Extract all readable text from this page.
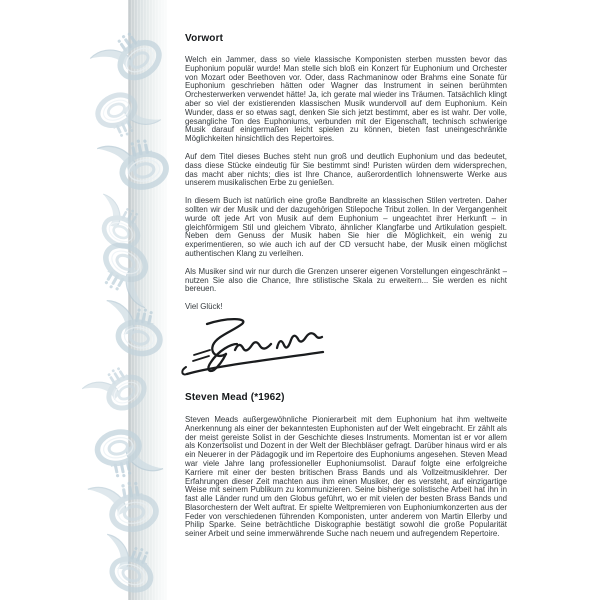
Vorwort

Welch ein Jammer, dass so viele klassische Komponisten sterben mussten bevor das Euphonium populär wurde! Man stelle sich bloß ein Konzert für Euphonium und Orchester von Mozart oder Beethoven vor. Oder, dass Rachmaninow oder Brahms eine Sonate für Euphonium geschrieben hätten oder Wagner das Instrument in seinen berühmten Orchesterwerken verwendet hätte! Ja, ich gerate mal wieder ins Träumen. Tatsächlich klingt aber so viel der existierenden klassischen Musik wundervoll auf dem Euphonium. Kein Wunder, dass er so etwas sagt, denken Sie sich jetzt bestimmt, aber es ist wahr. Der volle, gesangliche Ton des Euphoniums, verbunden mit der Eigenschaft, technisch schwierige Musik darauf einigermaßen leicht spielen zu können, bieten fast uneingeschränkte Möglichkeiten hinsichtlich des Repertoires.

Auf dem Titel dieses Buches steht nun groß und deutlich Euphonium und das bedeutet, dass diese Stücke eindeutig für Sie bestimmt sind! Puristen würden dem widersprechen, das macht aber nichts; dies ist Ihre Chance, außerordentlich lohnenswerte Werke aus unserem musikalischen Erbe zu genießen.

In diesem Buch ist natürlich eine große Bandbreite an klassischen Stilen vertreten. Daher sollten wir der Musik und der dazugehörigen Stilepoche Tribut zollen. In der Vergangenheit wurde oft jede Art von Musik auf dem Euphonium – ungeachtet ihrer Herkunft – in gleichförmigem Stil und gleichem Vibrato, ähnlicher Klangfarbe und Artikulation gespielt. Neben dem Genuss der Musik haben Sie hier die Möglichkeit, ein wenig zu experimentieren, so wie auch ich auf der CD versucht habe, der Musik einen möglichst authentischen Klang zu verleihen.

Als Musiker sind wir nur durch die Grenzen unserer eigenen Vorstellungen eingeschränkt – nutzen Sie also die Chance, Ihre stilistische Skala zu erweitern... Sie werden es nicht bereuen.

Viel Glück!

Steven Mead (*1962)

Steven Meads außergewöhnliche Pionierarbeit mit dem Euphonium hat ihm weltweite Anerkennung als einer der bekanntesten Euphonisten auf der Welt eingebracht. Er zählt als der meist gereiste Solist in der Geschichte dieses Instruments. Momentan ist er vor allem als Konzertsolist und Dozent in der Welt der Blechbläser gefragt. Darüber hinaus wird er als ein Neuerer in der Pädagogik und im Repertoire des Euphoniums angesehen. Steven Mead war viele Jahre lang professioneller Euphoniumsolist. Darauf folgte eine erfolgreiche Karriere mit einer der besten britischen Brass Bands und als Vollzeitmusiklehrer. Der Erfahrungen dieser Zeit machten aus ihm einen Musiker, der es versteht, auf einzigartige Weise mit seinem Publikum zu kommunizieren. Seine bisherige solistische Arbeit hat ihn in fast alle Länder rund um den Globus geführt, wo er mit vielen der besten Brass Bands und Blasorchestern der Welt auftrat. Er spielte Weltpremieren von Euphoniumkonzerten aus der Feder von verschiedenen führenden Komponisten, unter anderem von Martin Ellerby und Philip Sparke. Seine beträchtliche Diskographie bestätigt sowohl die große Popularität seiner Arbeit und seine immerwährende Suche nach neuem und aufregendem Repertoire.
